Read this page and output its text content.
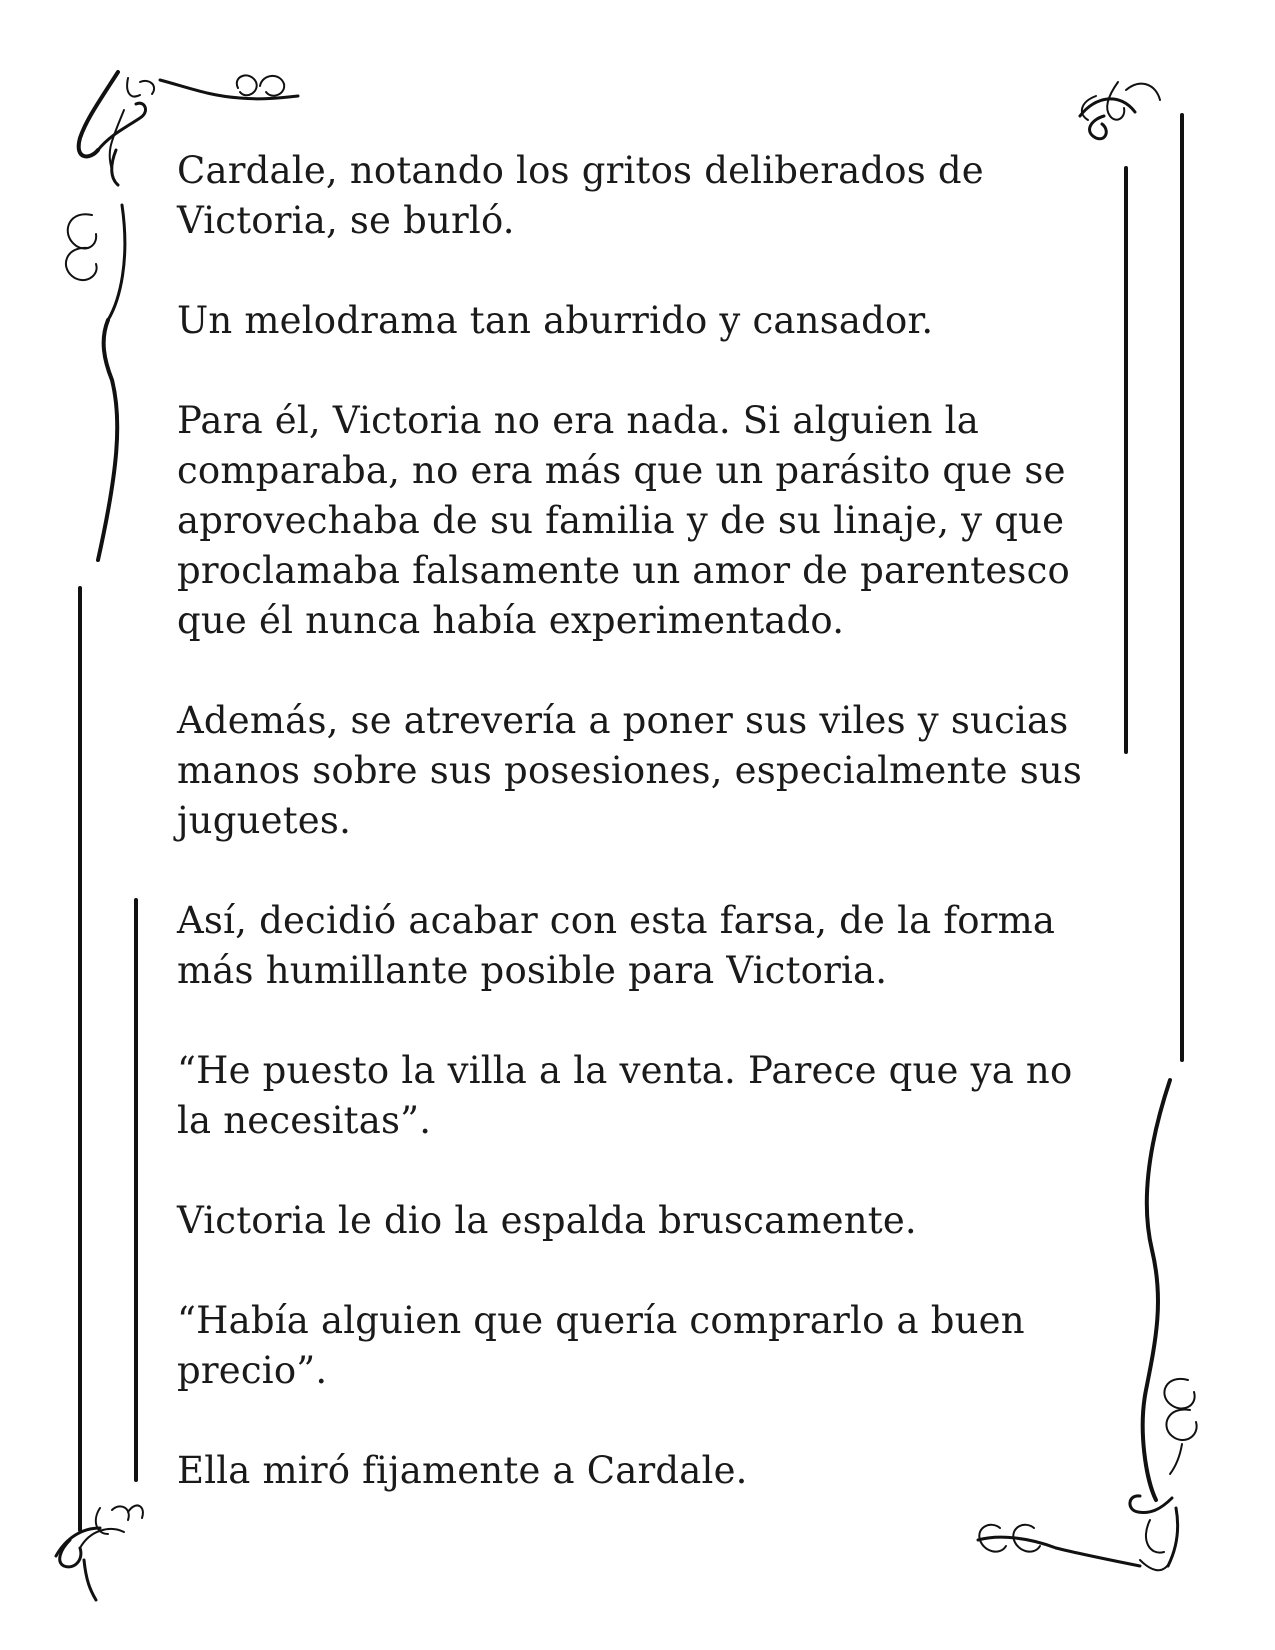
Cardale, notando los gritos deliberados de
Victoria, se burló.

Un melodrama tan aburrido y cansador.

Para él, Victoria no era nada. Si alguien la
comparaba, no era más que un parásito que se
aprovechaba de su familia y de su linaje, y que
proclamaba falsamente un amor de parentesco
que él nunca había experimentado.

Además, se atrevería a poner sus viles y sucias
manos sobre sus posesiones, especialmente sus
juguetes.

Así, decidió acabar con esta farsa, de la forma
más humillante posible para Victoria.

“He puesto la villa a la venta. Parece que ya no
la necesitas”.

Victoria le dio la espalda bruscamente.

“Había alguien que quería comprarlo a buen
precio”.

Ella miró fijamente a Cardale.
